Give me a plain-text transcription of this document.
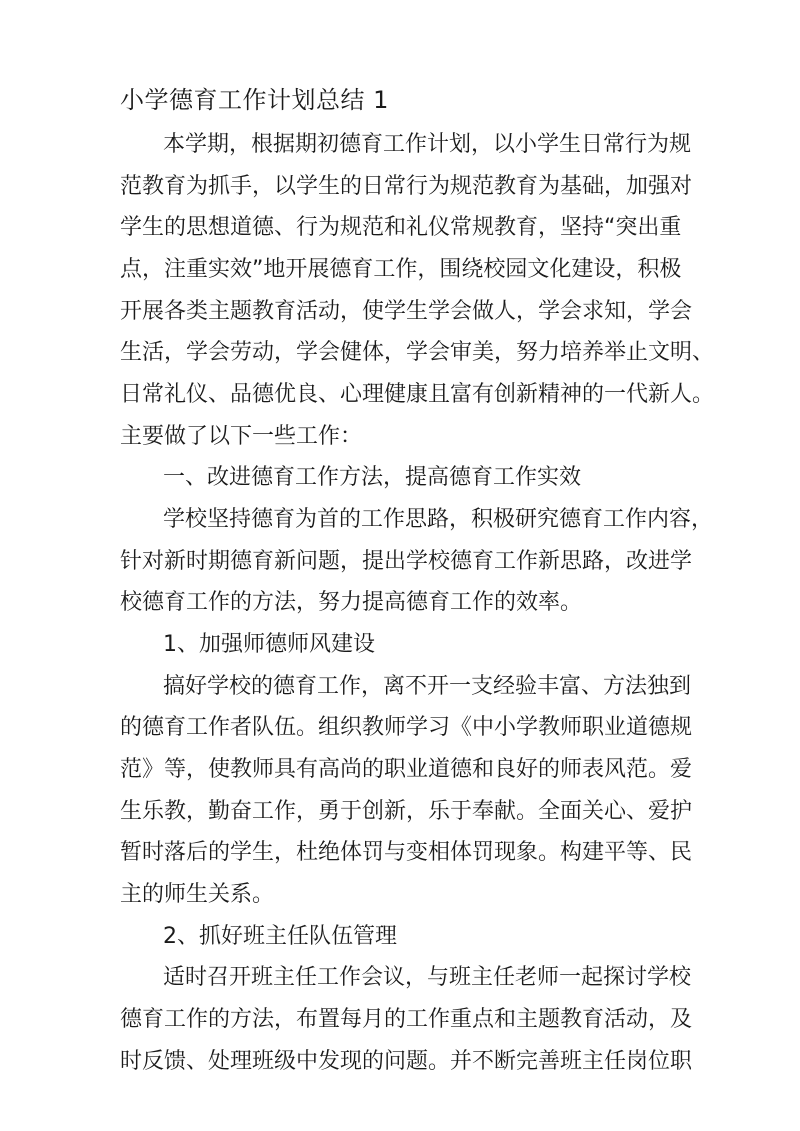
小学德育工作计划总结 1
本学期，根据期初德育工作计划，以小学生日常行为规
范教育为抓手，以学生的日常行为规范教育为基础，加强对
学生的思想道德、行为规范和礼仪常规教育，坚持“突出重
点，注重实效”地开展德育工作，围绕校园文化建设，积极
开展各类主题教育活动，使学生学会做人，学会求知，学会
生活，学会劳动，学会健体，学会审美，努力培养举止文明、
日常礼仪、品德优良、心理健康且富有创新精神的一代新人。
主要做了以下一些工作：
一、改进德育工作方法，提高德育工作实效
学校坚持德育为首的工作思路，积极研究德育工作内容，
针对新时期德育新问题，提出学校德育工作新思路，改进学
校德育工作的方法，努力提高德育工作的效率。
1、加强师德师风建设
搞好学校的德育工作，离不开一支经验丰富、方法独到
的德育工作者队伍。组织教师学习《中小学教师职业道德规
范》等，使教师具有高尚的职业道德和良好的师表风范。爱
生乐教，勤奋工作，勇于创新，乐于奉献。全面关心、爱护
暂时落后的学生，杜绝体罚与变相体罚现象。构建平等、民
主的师生关系。
2、抓好班主任队伍管理
适时召开班主任工作会议，与班主任老师一起探讨学校
德育工作的方法，布置每月的工作重点和主题教育活动，及
时反馈、处理班级中发现的问题。并不断完善班主任岗位职
